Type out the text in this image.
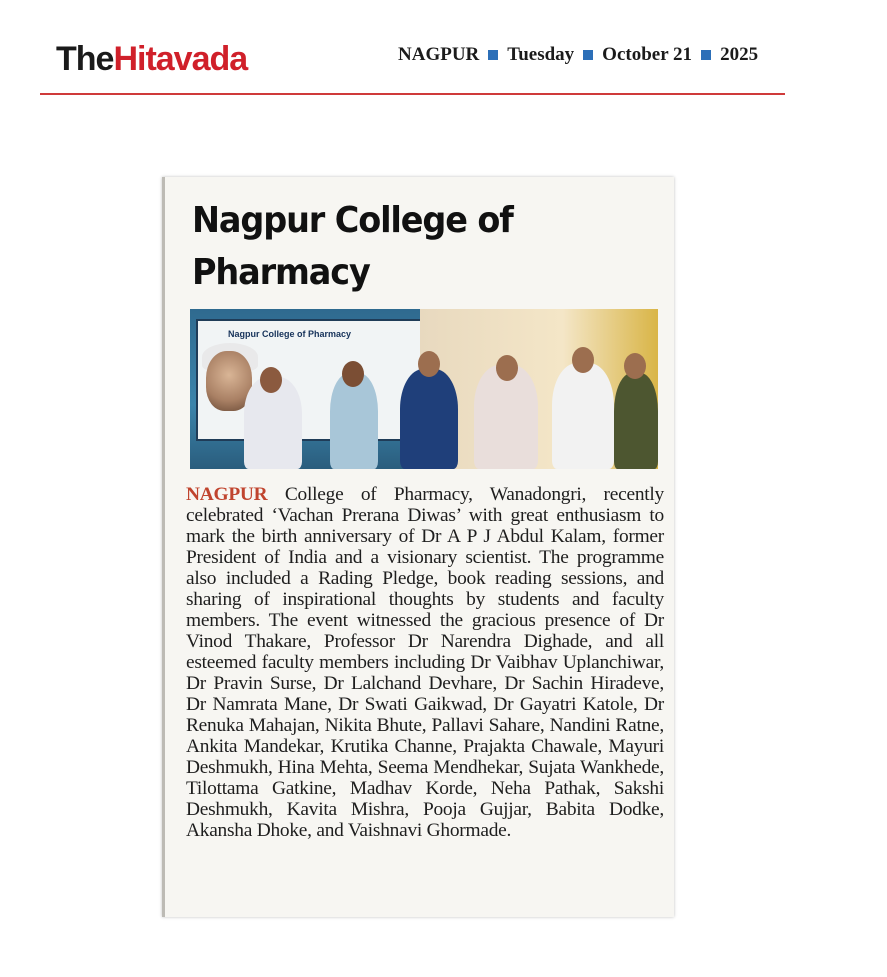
TheHitavada	NAGPUR Tuesday October 21 2025
Nagpur College of
Pharmacy
Nagpur College of Pharmacy
NAGPUR College of Pharmacy, Wanadongri, recently celebrated ‘Vachan Prerana Diwas’ with great enthusiasm to mark the birth anniversary of Dr A P J Abdul Kalam, former President of India and a visionary scientist. The programme also included a Rading Pledge, book reading sessions, and sharing of inspirational thoughts by students and faculty members. The event witnessed the gracious presence of Dr Vinod Thakare, Professor Dr Narendra Dighade, and all esteemed faculty members including Dr Vaibhav Uplanchiwar, Dr Pravin Surse, Dr Lalchand Devhare, Dr Sachin Hiradeve, Dr Namrata Mane, Dr Swati Gaikwad, Dr Gayatri Katole, Dr Renuka Mahajan, Nikita Bhute, Pallavi Sahare, Nandini Ratne, Ankita Mandekar, Krutika Channe, Prajakta Chawale, Mayuri Deshmukh, Hina Mehta, Seema Mendhekar, Sujata Wankhede, Tilottama Gatkine, Madhav Korde, Neha Pathak, Sakshi Deshmukh, Kavita Mishra, Pooja Gujjar, Babita Dodke, Akansha Dhoke, and Vaishnavi Ghormade.
